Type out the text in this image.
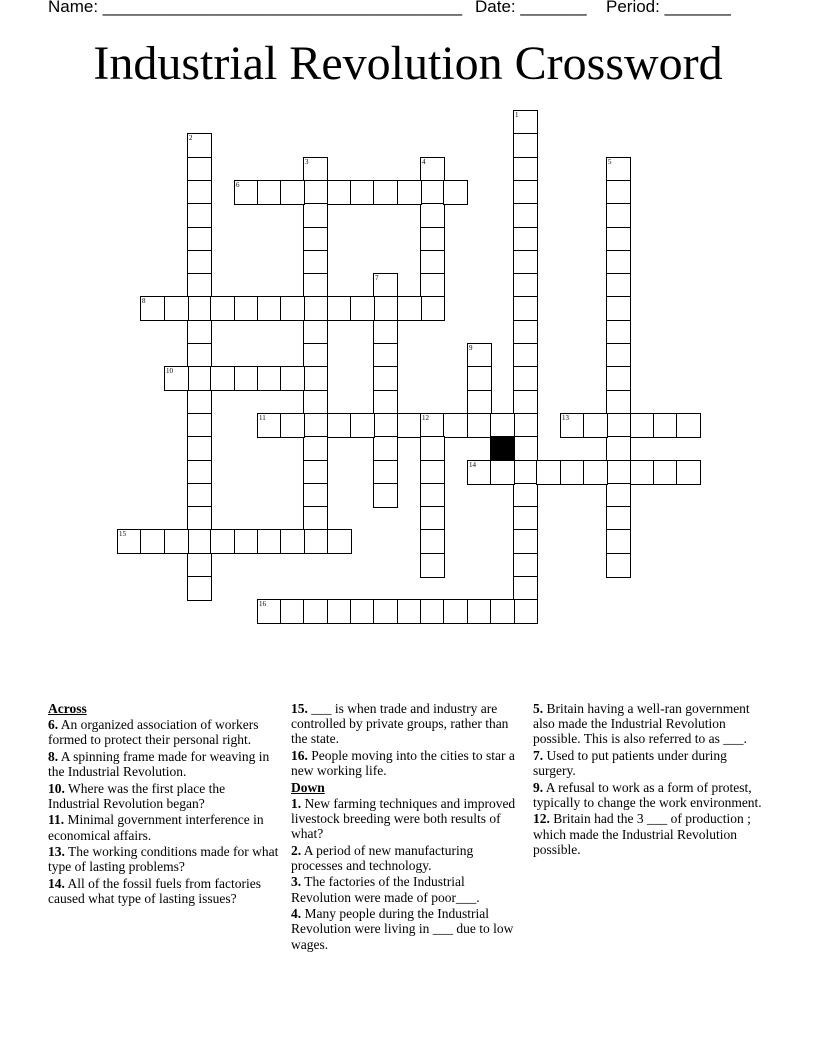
Name: ______________________________________ Date: _______ Period: _______
Industrial Revolution Crossword
1
2
3	4	5
6
7
8
9
10
11	12	13
14
15
16
Across
6. An organized association of workers formed to protect their personal right.
8. A spinning frame made for weaving in the Industrial Revolution.
10. Where was the first place the Industrial Revolution began?
11. Minimal government interference in economical affairs.
13. The working conditions made for what type of lasting problems?
14. All of the fossil fuels from factories caused what type of lasting issues?
15. ___ is when trade and industry are controlled by private groups, rather than the state.
16. People moving into the cities to star a new working life.
Down
1. New farming techniques and improved livestock breeding were both results of what?
2. A period of new manufacturing processes and technology.
3. The factories of the Industrial Revolution were made of poor___.
4. Many people during the Industrial Revolution were living in ___ due to low wages.
5. Britain having a well-ran government also made the Industrial Revolution possible. This is also referred to as ___.
7. Used to put patients under during surgery.
9. A refusal to work as a form of protest, typically to change the work environment.
12. Britain had the 3 ___ of production ; which made the Industrial Revolution possible.
